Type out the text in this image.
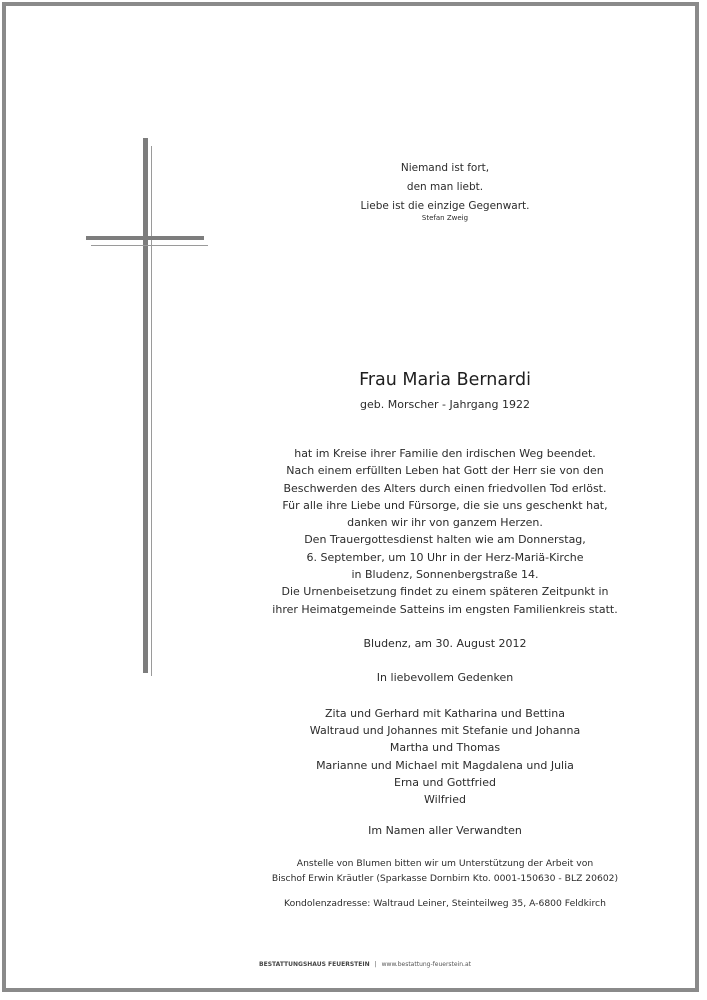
Niemand ist fort,
den man liebt.
Liebe ist die einzige Gegenwart.
Stefan Zweig
Frau Maria Bernardi
geb. Morscher - Jahrgang 1922
hat im Kreise ihrer Familie den irdischen Weg beendet.
Nach einem erfüllten Leben hat Gott der Herr sie von den
Beschwerden des Alters durch einen friedvollen Tod erlöst.
Für alle ihre Liebe und Fürsorge, die sie uns geschenkt hat,
danken wir ihr von ganzem Herzen.
Den Trauergottesdienst halten wie am Donnerstag,
6. September, um 10 Uhr in der Herz-Mariä-Kirche
in Bludenz, Sonnenbergstraße 14.
Die Urnenbeisetzung findet zu einem späteren Zeitpunkt in
ihrer Heimatgemeinde Satteins im engsten Familienkreis statt.
Bludenz, am 30. August 2012
In liebevollem Gedenken
Zita und Gerhard mit Katharina und Bettina
Waltraud und Johannes mit Stefanie und Johanna
Martha und Thomas
Marianne und Michael mit Magdalena und Julia
Erna und Gottfried
Wilfried
Im Namen aller Verwandten
Anstelle von Blumen bitten wir um Unterstützung der Arbeit von
Bischof Erwin Kräutler (Sparkasse Dornbirn Kto. 0001-150630 - BLZ 20602)
Kondolenzadresse: Waltraud Leiner, Steinteilweg 35, A-6800 Feldkirch
BESTATTUNGSHAUS FEUERSTEIN | www.bestattung-feuerstein.at
